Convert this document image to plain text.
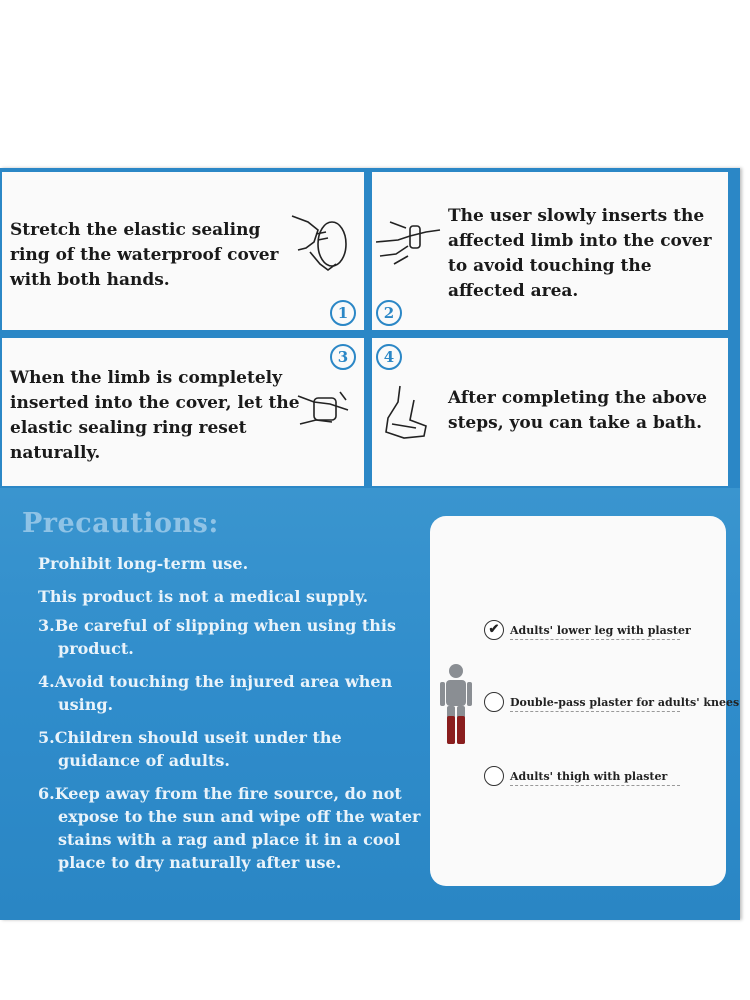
Stretch the elastic sealing ring of the waterproof cover with both hands.

1

The user slowly inserts the affected limb into the cover to avoid touching the affected area.

2
3

When the limb is completely inserted into the cover, let the elastic sealing ring reset naturally.

4

After completing the above steps, you can take a bath.

Precautions:
Prohibit long-term use.
This product is not a medical supply.
3.Be careful of slipping when using this product.
4.Avoid touching the injured area when using.
5.Children should useit under the guidance of adults.
6.Keep away from the fire source, do not expose to the sun and wipe off the water stains with a rag and place it in a cool place to dry naturally after use.
✔ Adults' lower leg with plaster
Double-pass plaster for adults' knees
Adults' thigh with plaster
